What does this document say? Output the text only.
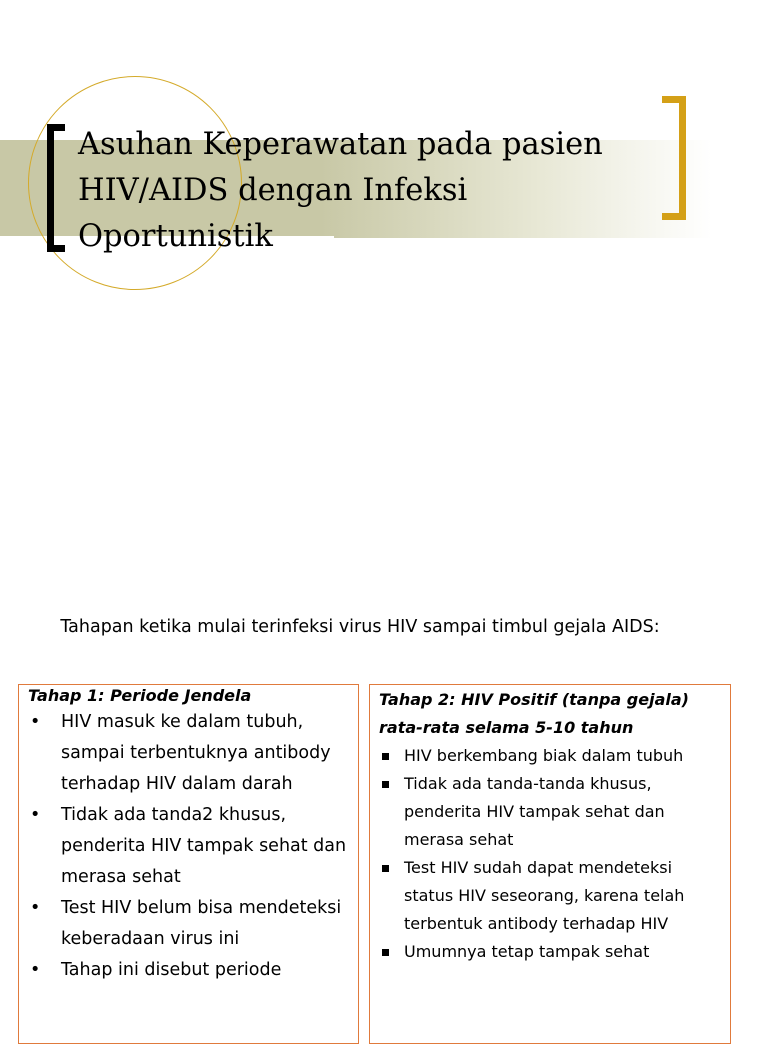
Asuhan Keperawatan pada pasien HIV/AIDS dengan Infeksi Oportunistik
Tahapan ketika mulai terinfeksi virus HIV sampai timbul gejala AIDS:

Tahap 1: Periode Jendela

• HIV masuk ke dalam tubuh, sampai terbentuknya antibody terhadap HIV dalam darah
• Tidak ada tanda2 khusus, penderita HIV tampak sehat dan merasa sehat
• Test HIV belum bisa mendeteksi keberadaan virus ini
• Tahap ini disebut periode

Tahap 2: HIV Positif (tanpa gejala) rata-rata selama 5-10 tahun

HIV berkembang biak dalam tubuh
Tidak ada tanda-tanda khusus, penderita HIV tampak sehat dan merasa sehat
Test HIV sudah dapat mendeteksi status HIV seseorang, karena telah terbentuk antibody terhadap HIV
Umumnya tetap tampak sehat
